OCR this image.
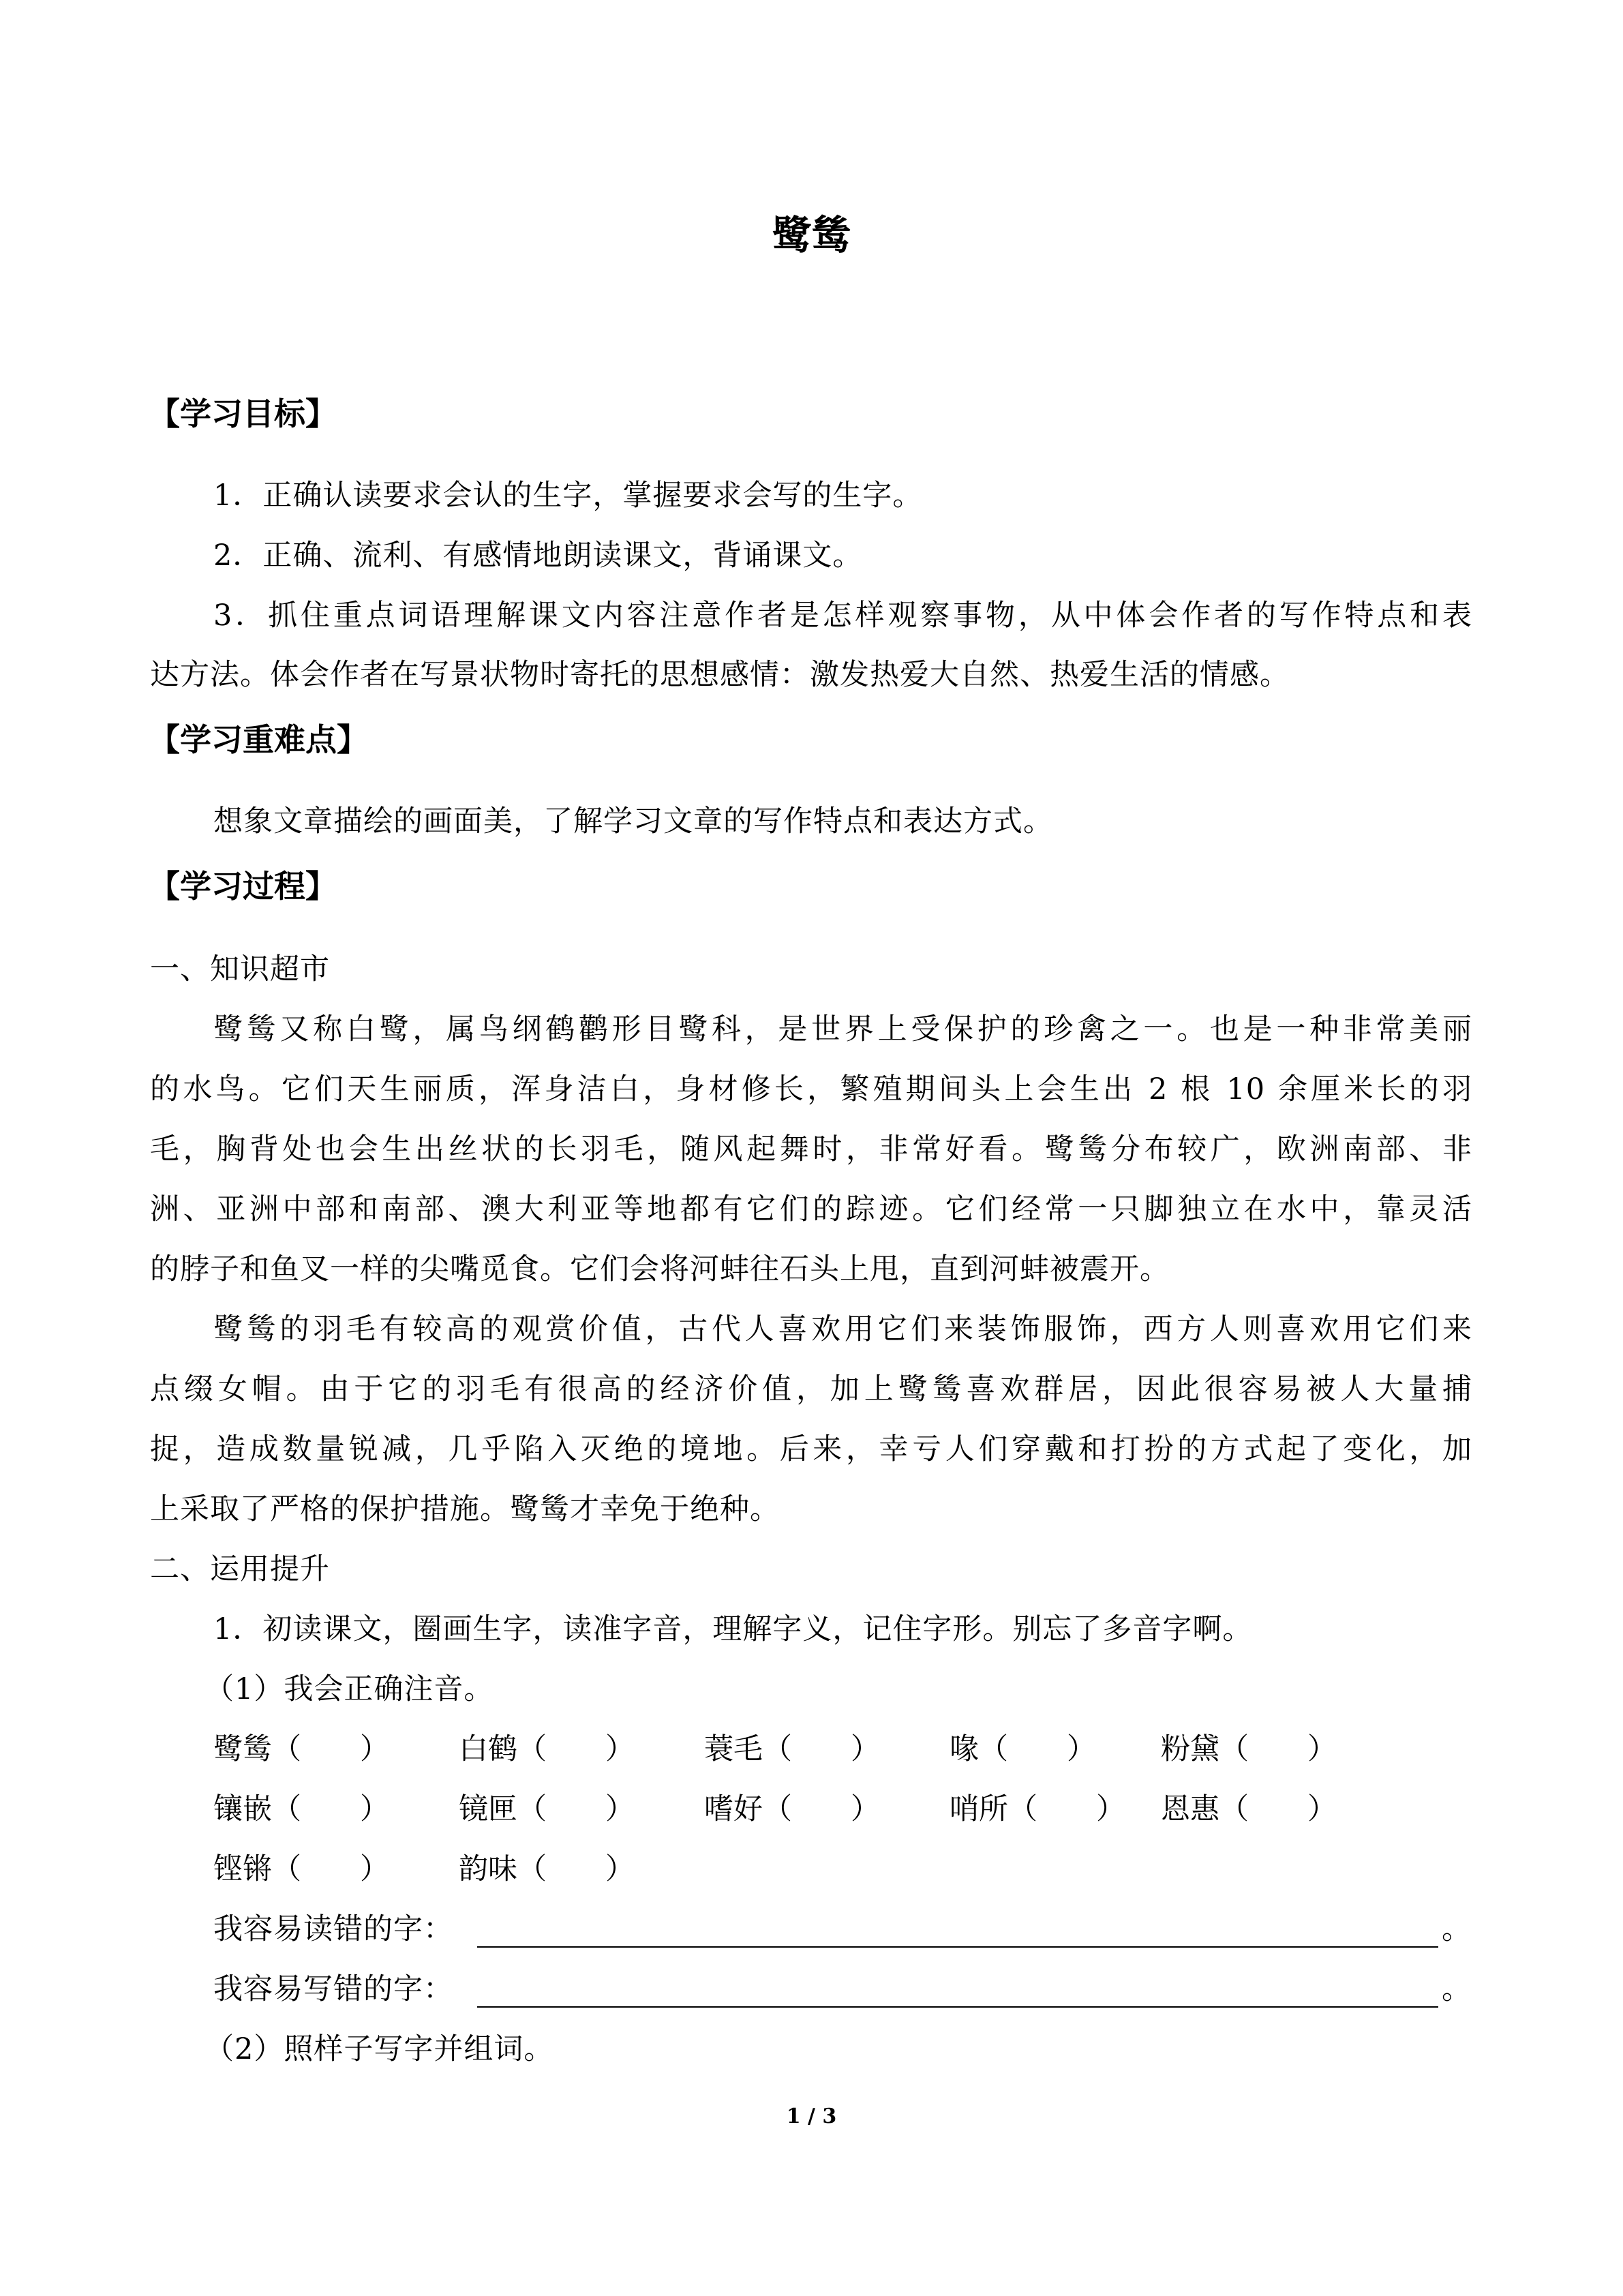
鹭鸶
【学习目标】
1．正确认读要求会认的生字，掌握要求会写的生字。
2．正确、流利、有感情地朗读课文，背诵课文。
3．抓住重点词语理解课文内容注意作者是怎样观察事物，从中体会作者的写作特点和表
达方法。体会作者在写景状物时寄托的思想感情：激发热爱大自然、热爱生活的情感。
【学习重难点】
想象文章描绘的画面美，了解学习文章的写作特点和表达方式。
【学习过程】
一、知识超市
鹭鸶又称白鹭，属鸟纲鹤鹳形目鹭科，是世界上受保护的珍禽之一。也是一种非常美丽
的水鸟。它们天生丽质，浑身洁白，身材修长，繁殖期间头上会生出 2 根 10 余厘米长的羽
毛，胸背处也会生出丝状的长羽毛，随风起舞时，非常好看。鹭鸶分布较广，欧洲南部、非
洲、亚洲中部和南部、澳大利亚等地都有它们的踪迹。它们经常一只脚独立在水中，靠灵活
的脖子和鱼叉一样的尖嘴觅食。它们会将河蚌往石头上甩，直到河蚌被震开。
鹭鸶的羽毛有较高的观赏价值，古代人喜欢用它们来装饰服饰，西方人则喜欢用它们来
点缀女帽。由于它的羽毛有很高的经济价值，加上鹭鸶喜欢群居，因此很容易被人大量捕
捉，造成数量锐减，几乎陷入灭绝的境地。后来，幸亏人们穿戴和打扮的方式起了变化，加
上采取了严格的保护措施。鹭鸶才幸免于绝种。
二、运用提升
1．初读课文，圈画生字，读准字音，理解字义，记住字形。别忘了多音字啊。
（1）我会正确注音。
鹭鸶（　　） 白鹤（　　） 蓑毛（　　） 喙（　　） 粉黛（　　）
镶嵌（　　） 镜匣（　　） 嗜好（　　） 哨所（　　） 恩惠（　　）
铿锵（　　） 韵味（　　）
我容易读错的字：	。
我容易写错的字：	。
（2）照样子写字并组词。
1 / 3
